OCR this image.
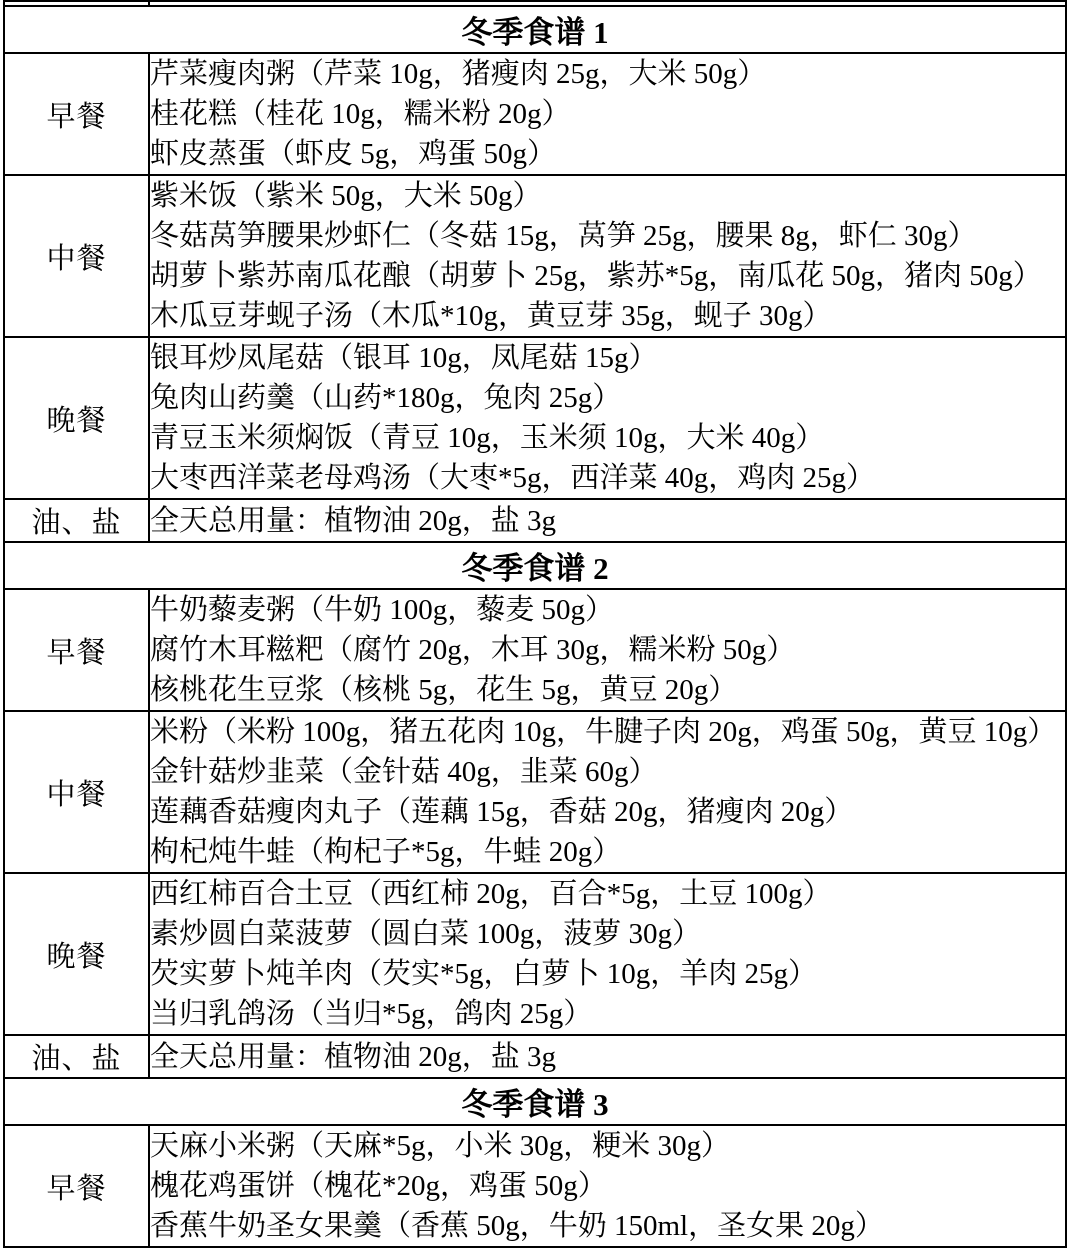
冬季食谱 1	
早餐	芹菜瘦肉粥（芹菜 10g，猪瘦肉 25g，大米 50g）
桂花糕（桂花 10g，糯米粉 20g）
虾皮蒸蛋（虾皮 5g，鸡蛋 50g）

中餐	紫米饭（紫米 50g，大米 50g）
冬菇莴笋腰果炒虾仁（冬菇 15g，莴笋 25g，腰果 8g，虾仁 30g）
胡萝卜紫苏南瓜花酿（胡萝卜 25g，紫苏*5g，南瓜花 50g，猪肉 50g）
木瓜豆芽蚬子汤（木瓜*10g，黄豆芽 35g，蚬子 30g）

晚餐	银耳炒凤尾菇（银耳 10g，凤尾菇 15g）
兔肉山药羹（山药*180g，兔肉 25g）
青豆玉米须焖饭（青豆 10g，玉米须 10g，大米 40g）
大枣西洋菜老母鸡汤（大枣*5g，西洋菜 40g，鸡肉 25g）

油、盐	全天总用量：植物油 20g，盐 3g

冬季食谱 2	
早餐	牛奶藜麦粥（牛奶 100g，藜麦 50g）
腐竹木耳糍粑（腐竹 20g，木耳 30g，糯米粉 50g）
核桃花生豆浆（核桃 5g，花生 5g，黄豆 20g）

中餐	米粉（米粉 100g，猪五花肉 10g，牛腱子肉 20g，鸡蛋 50g，黄豆 10g）
金针菇炒韭菜（金针菇 40g，韭菜 60g）
莲藕香菇瘦肉丸子（莲藕 15g，香菇 20g，猪瘦肉 20g）
枸杞炖牛蛙（枸杞子*5g，牛蛙 20g）

晚餐	西红柿百合土豆（西红柿 20g，百合*5g，土豆 100g）
素炒圆白菜菠萝（圆白菜 100g，菠萝 30g）
芡实萝卜炖羊肉（芡实*5g，白萝卜 10g，羊肉 25g）
当归乳鸽汤（当归*5g，鸽肉 25g）

油、盐	全天总用量：植物油 20g，盐 3g

冬季食谱 3	
早餐	天麻小米粥（天麻*5g，小米 30g，粳米 30g）
槐花鸡蛋饼（槐花*20g，鸡蛋 50g）
香蕉牛奶圣女果羹（香蕉 50g，牛奶 150ml，圣女果 20g）
